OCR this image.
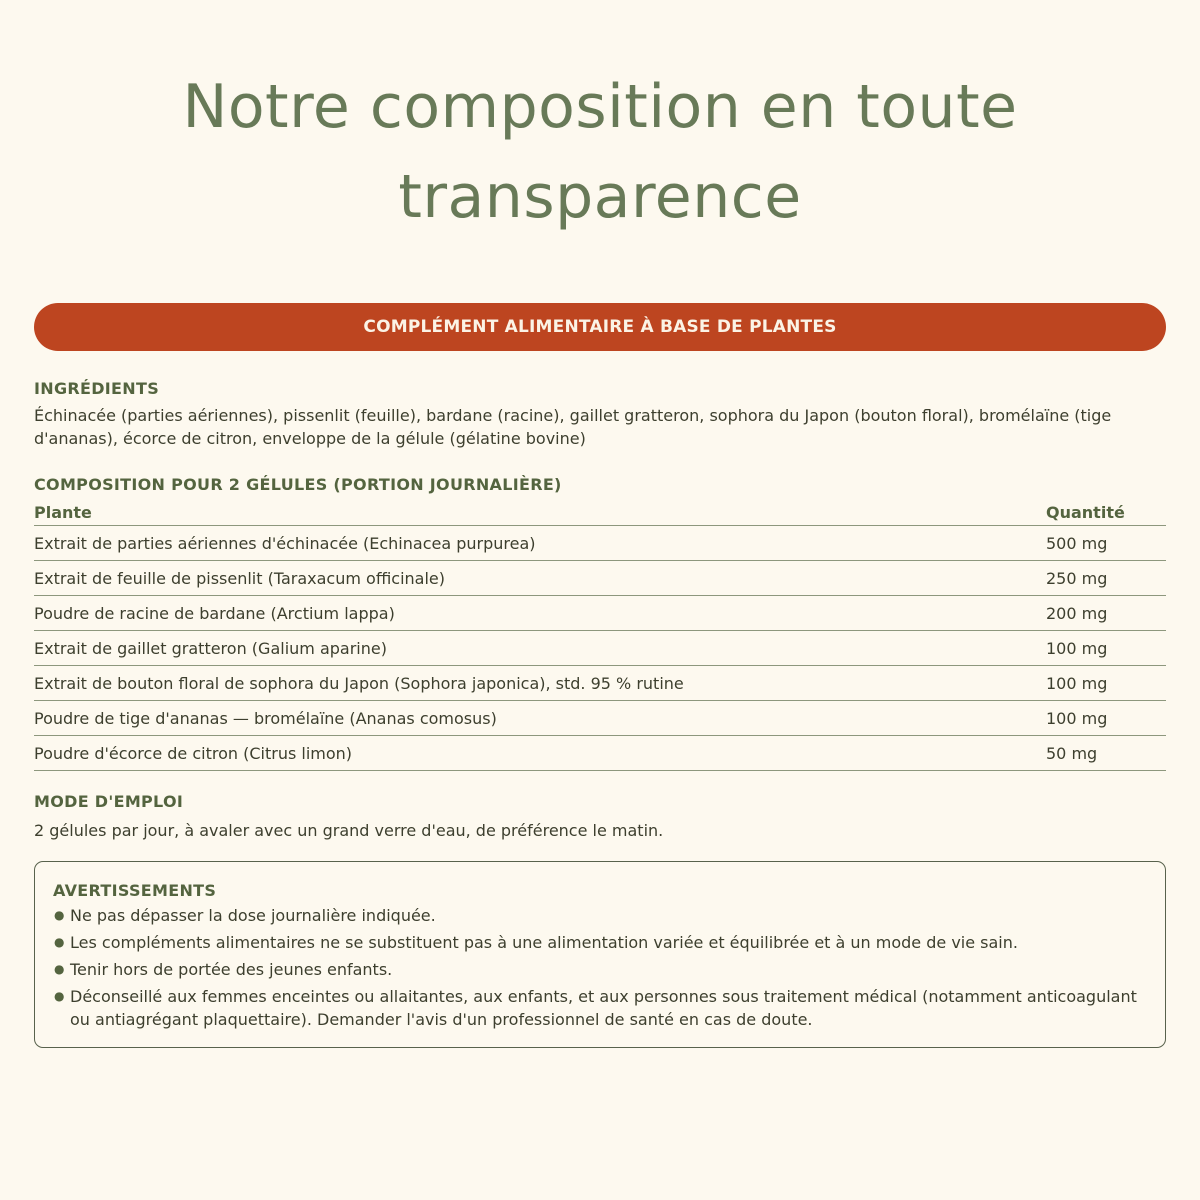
Notre composition en toute transparence
COMPLÉMENT ALIMENTAIRE À BASE DE PLANTES
INGRÉDIENTS

Échinacée (parties aériennes), pissenlit (feuille), bardane (racine), gaillet gratteron, sophora du Japon (bouton floral), bromélaïne (tige d'ananas), écorce de citron, enveloppe de la gélule (gélatine bovine)

COMPOSITION POUR 2 GÉLULES (PORTION JOURNALIÈRE)
Plante	Quantité
Extrait de parties aériennes d'échinacée (Echinacea purpurea)	500 mg
Extrait de feuille de pissenlit (Taraxacum officinale)	250 mg
Poudre de racine de bardane (Arctium lappa)	200 mg
Extrait de gaillet gratteron (Galium aparine)	100 mg
Extrait de bouton floral de sophora du Japon (Sophora japonica), std. 95 % rutine	100 mg
Poudre de tige d'ananas — bromélaïne (Ananas comosus)	100 mg
Poudre d'écorce de citron (Citrus limon)	50 mg
MODE D'EMPLOI

2 gélules par jour, à avaler avec un grand verre d'eau, de préférence le matin.

AVERTISSEMENTS
● Ne pas dépasser la dose journalière indiquée.
● Les compléments alimentaires ne se substituent pas à une alimentation variée et équilibrée et à un mode de vie sain.
● Tenir hors de portée des jeunes enfants.
● Déconseillé aux femmes enceintes ou allaitantes, aux enfants, et aux personnes sous traitement médical (notamment anticoagulant ou antiagrégant plaquettaire). Demander l'avis d'un professionnel de santé en cas de doute.
